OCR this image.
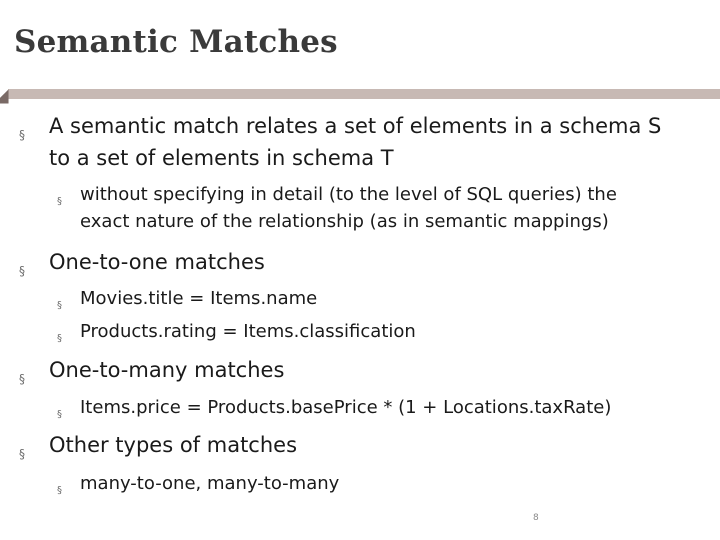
Semantic Matches
§ A semantic match relates a set of elements in a schema S
to a set of elements in schema T
§ without specifying in detail (to the level of SQL queries) the
exact nature of the relationship (as in semantic mappings)
§ One-to-one matches
§ Movies.title = Items.name
§ Products.rating = Items.classification
§ One-to-many matches
§ Items.price = Products.basePrice * (1 + Locations.taxRate)
§ Other types of matches
§ many-to-one, many-to-many
8
